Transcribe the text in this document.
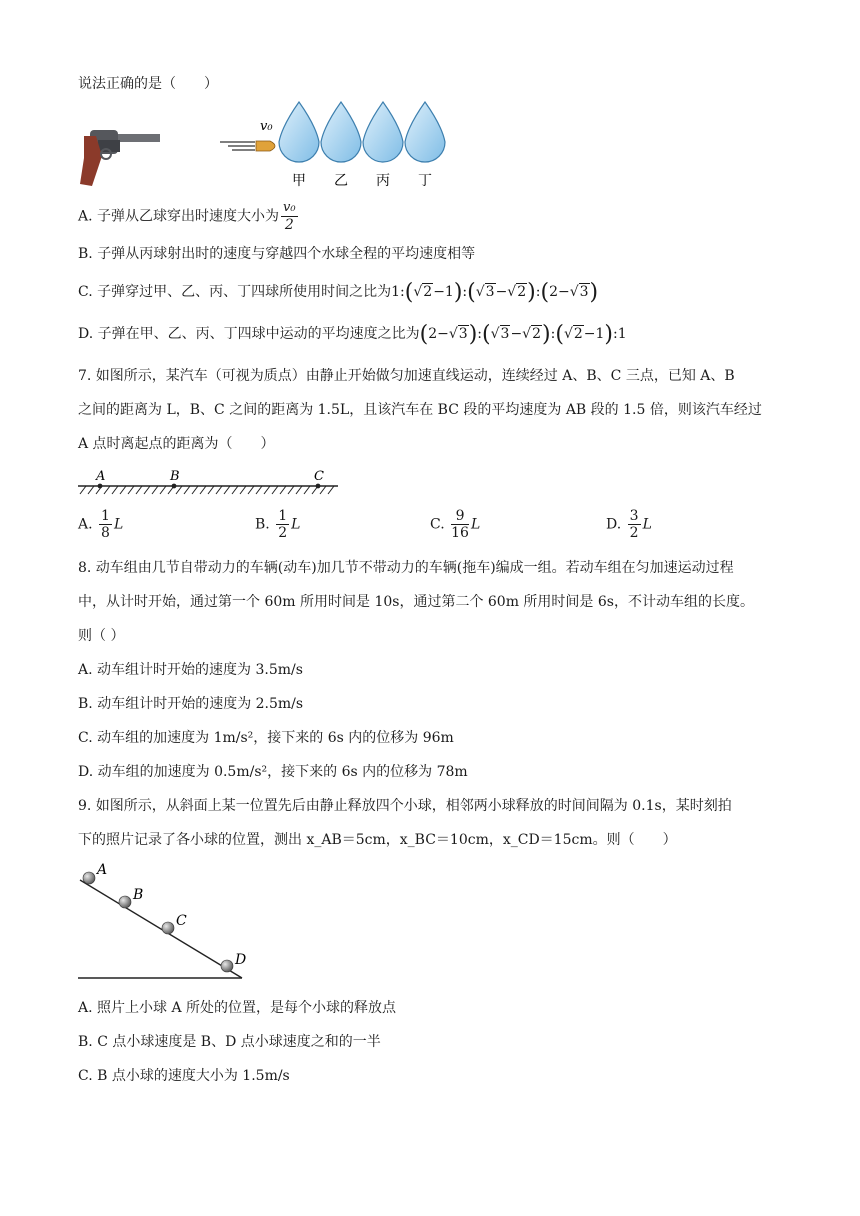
说法正确的是（　　）
v₀
甲 乙 丙 丁
A. 子弹从乙球穿出时速度大小为 $\frac{\text{v₀}}{2}$
B. 子弹从丙球射出时的速度与穿越四个水球全程的平均速度相等
C. 子弹穿过甲、乙、丙、丁四球所使用时间之比为1:(√2−1):(√3−√2):(2−√3)
D. 子弹在甲、乙、丙、丁四球中运动的平均速度之比为(2−√3):(√3−√2):(√2−1):1
7. 如图所示，某汽车（可视为质点）由静止开始做匀加速直线运动，连续经过 A、B、C 三点，已知 A、B
之间的距离为 L，B、C 之间的距离为 1.5L，且该汽车在 BC 段的平均速度为 AB 段的 1.5 倍，则该汽车经过
A 点时离起点的距离为（　　）
A	B	C
A. $\frac{1}{8}$ L	B. $\frac{1}{2}$ L	C. $\frac{9}{16}$ L	D. $\frac{3}{2}$ L
8. 动车组由几节自带动力的车辆(动车)加几节不带动力的车辆(拖车)编成一组。若动车组在匀加速运动过程
中，从计时开始，通过第一个 60m 所用时间是 10s，通过第二个 60m 所用时间是 6s，不计动车组的长度。
则（ ）
A. 动车组计时开始的速度为 3.5m/s
B. 动车组计时开始的速度为 2.5m/s
C. 动车组的加速度为 1m/s²，接下来的 6s 内的位移为 96m
D. 动车组的加速度为 0.5m/s²，接下来的 6s 内的位移为 78m
9. 如图所示，从斜面上某一位置先后由静止释放四个小球，相邻两小球释放的时间间隔为 0.1s，某时刻拍
下的照片记录了各小球的位置，测出 x_AB＝5cm，x_BC＝10cm，x_CD＝15cm。则（　　）
A
B
C
D
A. 照片上小球 A 所处的位置，是每个小球的释放点
B. C 点小球速度是 B、D 点小球速度之和的一半
C. B 点小球的速度大小为 1.5m/s
